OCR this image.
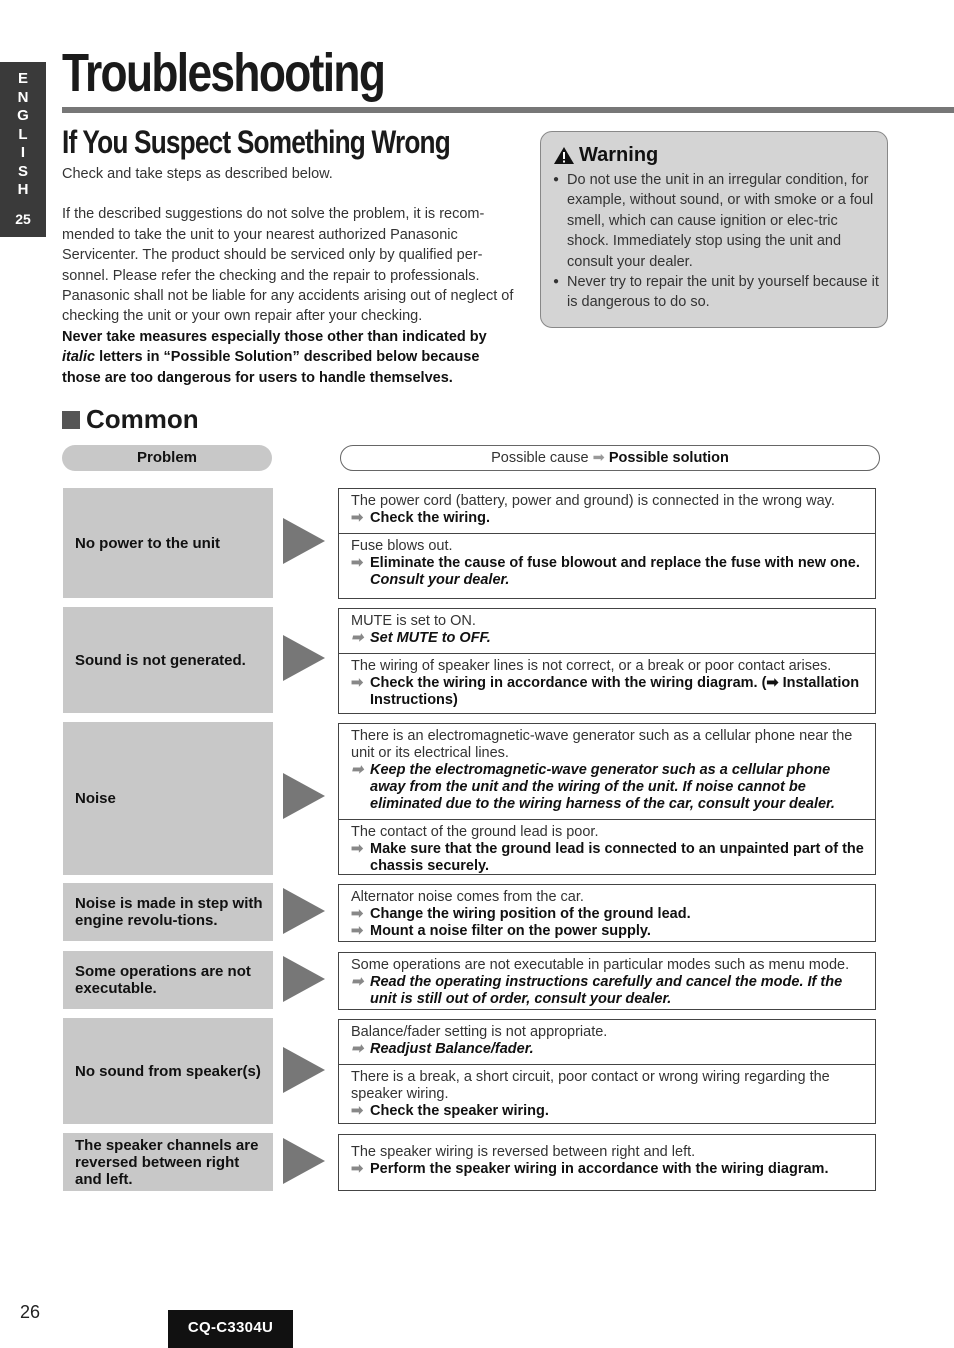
E
N
G
L
I
S
H
25
Troubleshooting
If You Suspect Something Wrong

Check and take steps as described below.

If the described suggestions do not solve the problem, it is recom-mended to take the unit to your nearest authorized Panasonic Servicenter. The product should be serviced only by qualified per-sonnel. Please refer the checking and the repair to professionals. Panasonic shall not be liable for any accidents arising out of neglect of checking the unit or your own repair after your checking.

Never take measures especially those other than indicated by italic letters in “Possible Solution” described below because those are too dangerous for users to handle themselves.

Warning
● Do not use the unit in an irregular condition, for example, without sound, or with smoke or a foul smell, which can cause ignition or elec-tric shock. Immediately stop using the unit and consult your dealer.
● Never try to repair the unit by yourself because it is dangerous to do so.
Common
Problem	Possible cause ➡ Possible solution
No power to the unit
The power cord (battery, power and ground) is connected in the wrong way.
➡ Check the wiring.
Fuse blows out.
➡ Eliminate the cause of fuse blowout and replace the fuse with new one.
Consult your dealer.
Sound is not generated.
MUTE is set to ON.
➡ Set MUTE to OFF.
The wiring of speaker lines is not correct, or a break or poor contact arises.
➡ Check the wiring in accordance with the wiring diagram. (➡ Installation Instructions)
Noise
There is an electromagnetic-wave generator such as a cellular phone near the unit or its electrical lines.
➡ Keep the electromagnetic-wave generator such as a cellular phone away from the unit and the wiring of the unit. If noise cannot be eliminated due to the wiring harness of the car, consult your dealer.
The contact of the ground lead is poor.
➡ Make sure that the ground lead is connected to an unpainted part of the chassis securely.
Noise is made in step with engine revolu-tions.
Alternator noise comes from the car.
➡ Change the wiring position of the ground lead.
➡ Mount a noise filter on the power supply.
Some operations are not executable.
Some operations are not executable in particular modes such as menu mode.
➡ Read the operating instructions carefully and cancel the mode. If the unit is still out of order, consult your dealer.
No sound from speaker(s)
Balance/fader setting is not appropriate.
➡ Readjust Balance/fader.
There is a break, a short circuit, poor contact or wrong wiring regarding the speaker wiring.
➡ Check the speaker wiring.
The speaker channels are reversed between right and left.
The speaker wiring is reversed between right and left.
➡ Perform the speaker wiring in accordance with the wiring diagram.
26
CQ-C3304U
